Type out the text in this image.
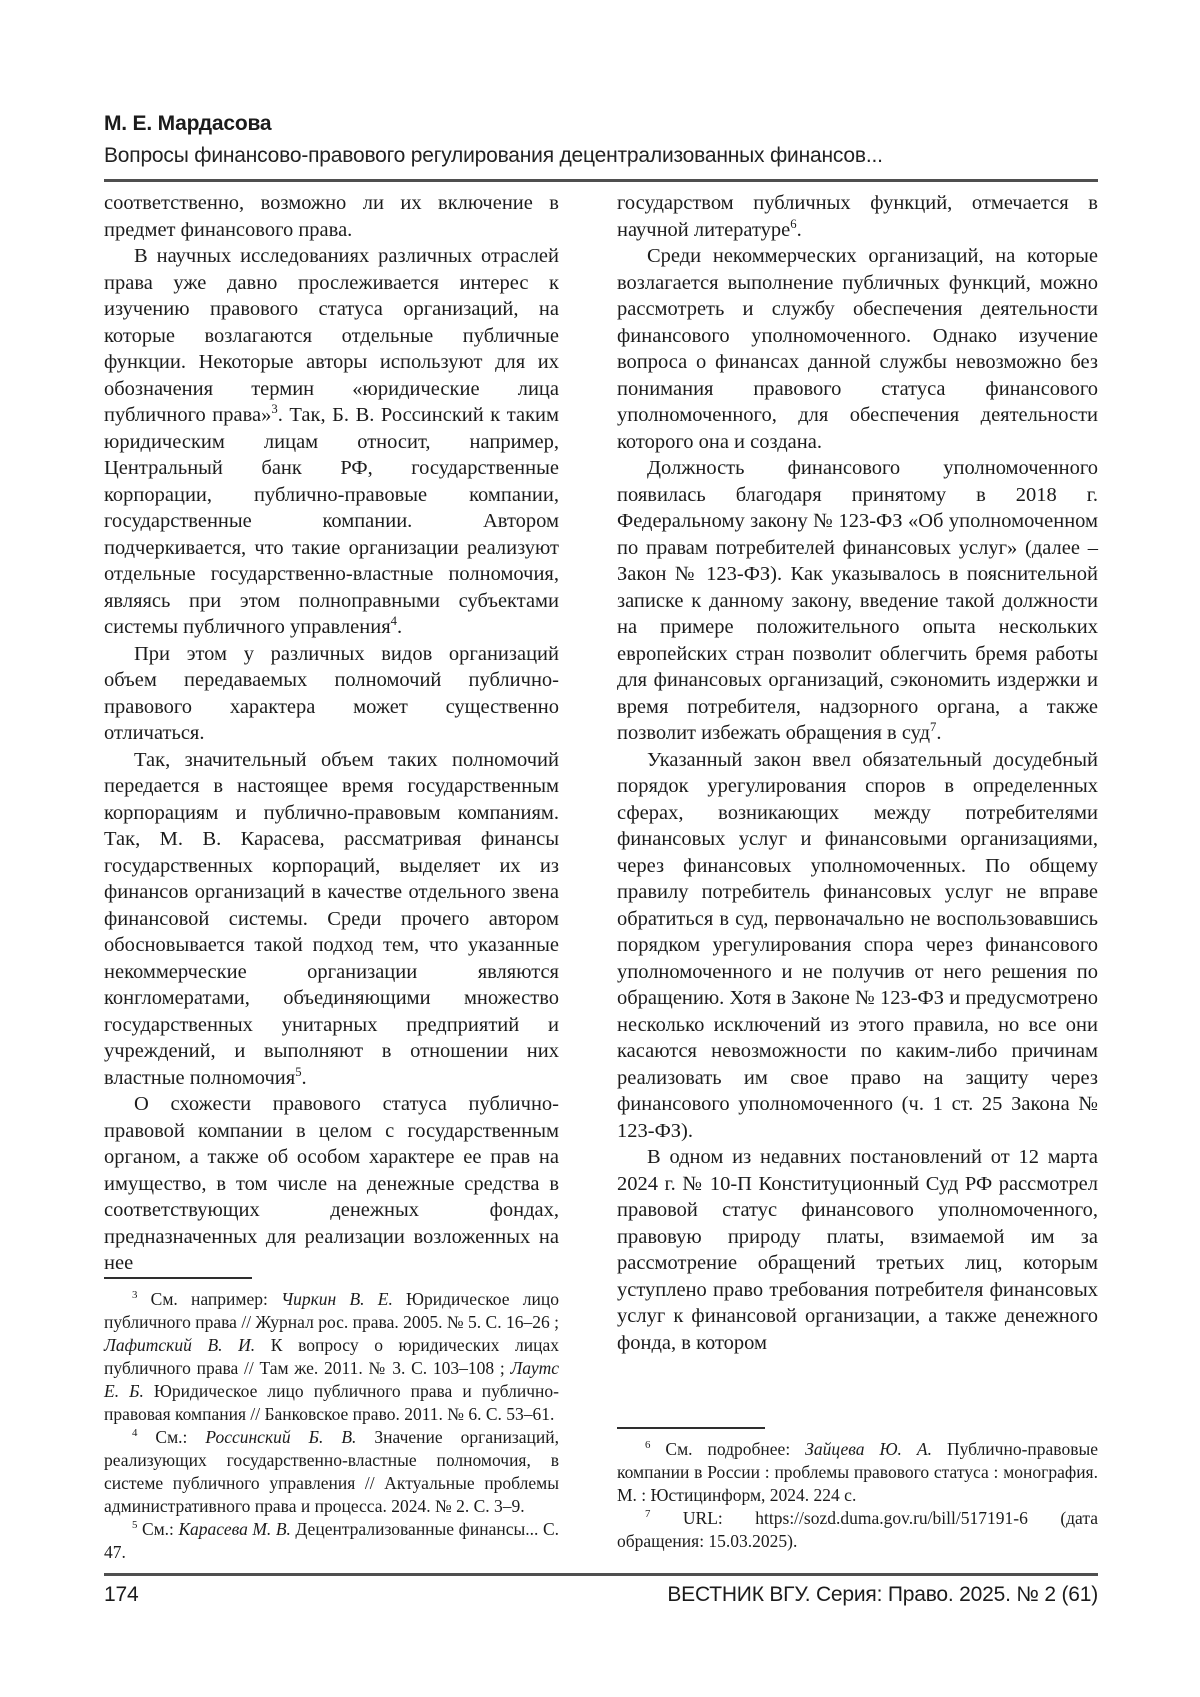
М. Е. Мардасова
Вопросы финансово-правового регулирования децентрализованных финансов...

соответственно, возможно ли их включение в предмет финансового права.

В научных исследованиях различных отраслей права уже давно прослеживается интерес к изучению правового статуса организаций, на которые возлагаются отдельные публичные функции. Некоторые авторы используют для их обозначения термин «юридические лица публичного права»$^3$. Так, Б. В. Россинский к таким юридическим лицам относит, например, Центральный банк РФ, государственные корпорации, публично-правовые компании, государственные компании. Автором подчеркивается, что такие организации реализуют отдельные государственно-властные полномочия, являясь при этом полноправными субъектами системы публичного управления$^4$.

При этом у различных видов организаций объем передаваемых полномочий публично-правового характера может существенно отличаться.

Так, значительный объем таких полномочий передается в настоящее время государственным корпорациям и публично-правовым компаниям. Так, М. В. Карасева, рассматривая финансы государственных корпораций, выделяет их из финансов организаций в качестве отдельного звена финансовой системы. Среди прочего автором обосновывается такой подход тем, что указанные некоммерческие организации являются конгломератами, объединяющими множество государственных унитарных предприятий и учреждений, и выполняют в отношении них властные полномочия$^5$.

О схожести правового статуса публично-правовой компании в целом с государственным органом, а также об особом характере ее прав на имущество, в том числе на денежные средства в соответствующих денежных фондах, предназначенных для реализации возложенных на нее

$^3$ См. например: Чиркин В. Е. Юридическое лицо публичного права // Журнал рос. права. 2005. № 5. С. 16–26 ; Лафитский В. И. К вопросу о юридических лицах публичного права // Там же. 2011. № 3. С. 103–108 ; Лаутс Е. Б. Юридическое лицо публичного права и публично-правовая компания // Банковское право. 2011. № 6. С. 53–61.

$^4$ См.: Россинский Б. В. Значение организаций, реализующих государственно-властные полномочия, в системе публичного управления // Актуальные проблемы административного права и процесса. 2024. № 2. С. 3–9.

$^5$ См.: Карасева М. В. Децентрализованные финансы... С. 47.

государством публичных функций, отмечается в научной литературе$^6$.

Среди некоммерческих организаций, на которые возлагается выполнение публичных функций, можно рассмотреть и службу обеспечения деятельности финансового уполномоченного. Однако изучение вопроса о финансах данной службы невозможно без понимания правового статуса финансового уполномоченного, для обеспечения деятельности которого она и создана.

Должность финансового уполномоченного появилась благодаря принятому в 2018 г. Федеральному закону № 123-ФЗ «Об уполномоченном по правам потребителей финансовых услуг» (далее – Закон № 123-ФЗ). Как указывалось в пояснительной записке к данному закону, введение такой должности на примере положительного опыта нескольких европейских стран позволит облегчить бремя работы для финансовых организаций, сэкономить издержки и время потребителя, надзорного органа, а также позволит избежать обращения в суд$^7$.

Указанный закон ввел обязательный досудебный порядок урегулирования споров в определенных сферах, возникающих между потребителями финансовых услуг и финансовыми организациями, через финансовых уполномоченных. По общему правилу потребитель финансовых услуг не вправе обратиться в суд, первоначально не воспользовавшись порядком урегулирования спора через финансового уполномоченного и не получив от него решения по обращению. Хотя в Законе № 123-ФЗ и предусмотрено несколько исключений из этого правила, но все они касаются невозможности по каким-либо причинам реализовать им свое право на защиту через финансового уполномоченного (ч. 1 ст. 25 Закона № 123-ФЗ).

В одном из недавних постановлений от 12 марта 2024 г. № 10-П Конституционный Суд РФ рассмотрел правовой статус финансового уполномоченного, правовую природу платы, взимаемой им за рассмотрение обращений третьих лиц, которым уступлено право требования потребителя финансовых услуг к финансовой организации, а также денежного фонда, в котором

$^6$ См. подробнее: Зайцева Ю. А. Публично-правовые компании в России : проблемы правового статуса : монография. М. : Юстицинформ, 2024. 224 с.

$^7$ URL: https://sozd.duma.gov.ru/bill/517191-6 (дата обращения: 15.03.2025).

174	ВЕСТНИК ВГУ. Серия: Право. 2025. № 2 (61)
